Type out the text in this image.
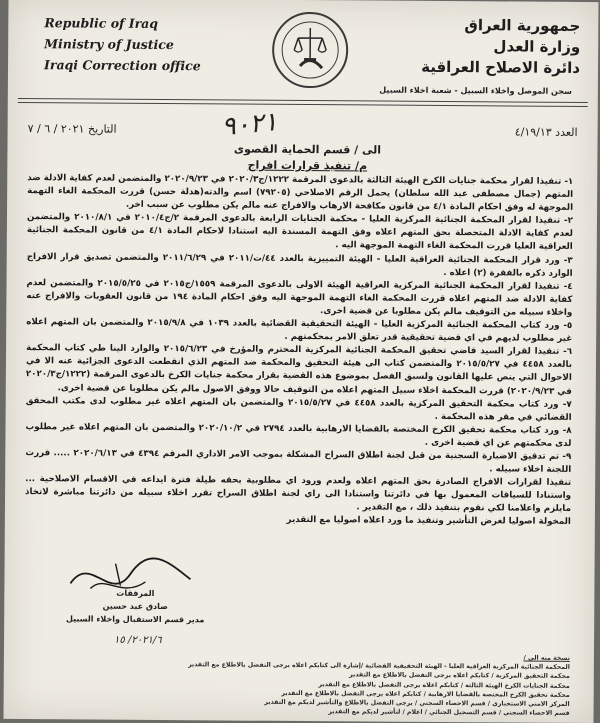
Republic of Iraq
Ministry of Justice
Iraqi Correction office
جمهورية العراق
وزارة العدل
دائرة الاصلاح العراقية
سجن الموصل واخلاء السبيل - شعبة اخلاء السبيل
التاريخ ٢٠٢١ / ٦ / ٧	٩٠٢١	العدد ٤/١٩/١٣
الى / قسم الحماية القصوى
م/ تنفيذ قرارات افراج

١- تنفيذا لقرار محكمة جنايات الكرخ الهيئة الثالثة بالدعوى المرقمة ١٢٢٢/ج٢٠٢٠/٣ في ٢٠٢٠/٩/٢٣ والمتضمن لعدم كفاية الادلة ضد المتهم (جمال مصطفى عبد الله سلطان) يحمل الرقم الاصلاحي (٧٩٢٠٥) اسم والدته(هدلة حسن) قررت المحكمة الغاء التهمة الموجهة له وفق احكام المادة ٤/١ من قانون مكافحة الارهاب والافراج عنه مالم يكن مطلوب عن سبب اخر.

٢- تنفيذا لقرار المحكمة الجنائية المركزية العليا - محكمة الجنايات الرابعة بالدعوى المرقمة ٢/ج٢٠١٠/٤ في ٢٠١٠/٨/١ والمتضمن لعدم كفاية الادلة المتحصلة بحق المتهم اعلاه وفق التهمة المسندة اليه استنادا لاحكام المادة ٤/١ من قانون المحكمة الجنائية العراقية العليا قررت المحكمة الغاء التهمة الموجهة اليه .

٣- ورد قرار المحكمة الجنائية العراقية العليا - الهيئة التمييزية بالعدد ٤٤/ت/٢٠١١ في ٢٠١١/٦/٢٩ والمتضمن تصديق قرار الافراج الوارد ذكره بالفقرة (٢) اعلاه .

٤- تنفيذا لقرار المحكمة الجنائية المركزية العراقية الهيئة الاولى بالدعوى المرقمة ١٥٥٩/ج٢٠١٥ في ٢٠١٥/٥/٢٥ والمتضمن لعدم كفاية الادلة ضد المتهم اعلاه قررت المحكمة الغاء التهمة الموجهة اليه وفق احكام المادة ١٩٤ من قانون العقوبات والافراج عنه واخلاء سبيله من التوقيف مالم يكن مطلوبا عن قضية اخرى.

٥- ورد كتاب المحكمة الجنائية المركزية العليا - الهيئة التحقيقية القضائية بالعدد ١٠٣٩ في ٢٠١٥/٩/٨ والمتضمن بان المتهم اعلاه غير مطلوب لديهم في اي قضية تحقيقية قدر تعلق الامر بمحكمتهم .

٦- تنفيذا لقرار السيد قاضي تحقيق المحكمة الجنائية المركزية المحترم والمؤرخ في ٢٠١٥/٦/٢٣ والوارد الينا طي كتاب المحكمة بالعدد ٤٤٥٨ في ٢٠١٥/٥/٢٧ والمتضمن كتاب الى هيئة التحقيق والمحكمة ضد المتهم الذي انقطعت الدعوى الجزائية عنه الا في الاحوال التي ينص عليها القانون ولسبق الفصل بموضوع هذه القضية بقرار محكمة جنايات الكرخ بالدعوى المرقمة (١٢٢٢/ج٢٠٢٠/٣ في ٢٠٢٠/٩/٢٣) قررت المحكمة اخلاء سبيل المتهم اعلاه من التوقيف حالا ووفق الاصول مالم يكن مطلوبا عن قضية اخرى.

٧- ورد كتاب محكمة التحقيق المركزية بالعدد ٤٤٥٨ في ٢٠١٥/٥/٢٧ والمتضمن بان المتهم اعلاه غير مطلوب لدى مكتب المحقق القضائي في مقر هذه المحكمة .

٨- ورد كتاب محكمة تحقيق الكرخ المختصة بالقضايا الارهابية بالعدد ٢٧٩٤ في ٢٠٢٠/١٠/٢ والمتضمن بان المتهم اعلاه غير مطلوب لدى محكمتهم عن اي قضية اخرى .

٩- تم تدقيق الاضبارة السجنية من قبل لجنة اطلاق السراح المشكلة بموجب الامر الاداري المرقم ٤٣٩٤ في ٢٠٢٠/٦/١٣ ..... قررت اللجنة اخلاء سبيله .

تنفيذا لقرارات الافراج الصادرة بحق المتهم اعلاه ولعدم ورود اي مطلوبية بحقه طيلة فترة ايداعه في الاقسام الاصلاحية ... واستنادا للسياقات المعمول بها في دائرتنا واستنادا الى راي لجنة اطلاق السراح تقرر اخلاء سبيله من دائرتنا مباشرة لاتخاذ مايلزم واعلامنا لكي نقوم بتنفيذ ذلك ، مع التقدير .

المخولة اصوليا لغرض التأشير وتنفيذ ما ورد اعلاه اصوليا مع التقدير

المرفقات
صادق عبد حسين
مدير قسم الاستقبال واخلاء السبيل
٢٠٢١/٦/ ١٥

نسخة منه الى /

المحكمة الجنائية المركزية العراقية العليا - الهيئة التحقيقية القضائية /إشارة الى كتابكم اعلاه يرجى التفضل بالاطلاع مع التقدير

محكمة التحقيق المركزية / كتابكم اعلاه يرجى التفضل بالاطلاع مع التقدير

محكمة الجنايات الكرخ الهيئة الثالثة / كتابكم اعلاه يرجى التفضل بالاطلاع مع التقدير

محكمة تحقيق الكرخ المختصة بالقضايا الارهابية / كتابكم اعلاه يرجى التفضل بالاطلاع مع التقدير

المركز الامني الاستخباري / قسم الاحصاء السجني / يرجى التفضل بالاطلاع والتأشير لديكم مع التقدير

قسم الاحصاء السجني / قسم التسجيل الجنائي / اعلام / لتأشير لديكم مع التقدير
